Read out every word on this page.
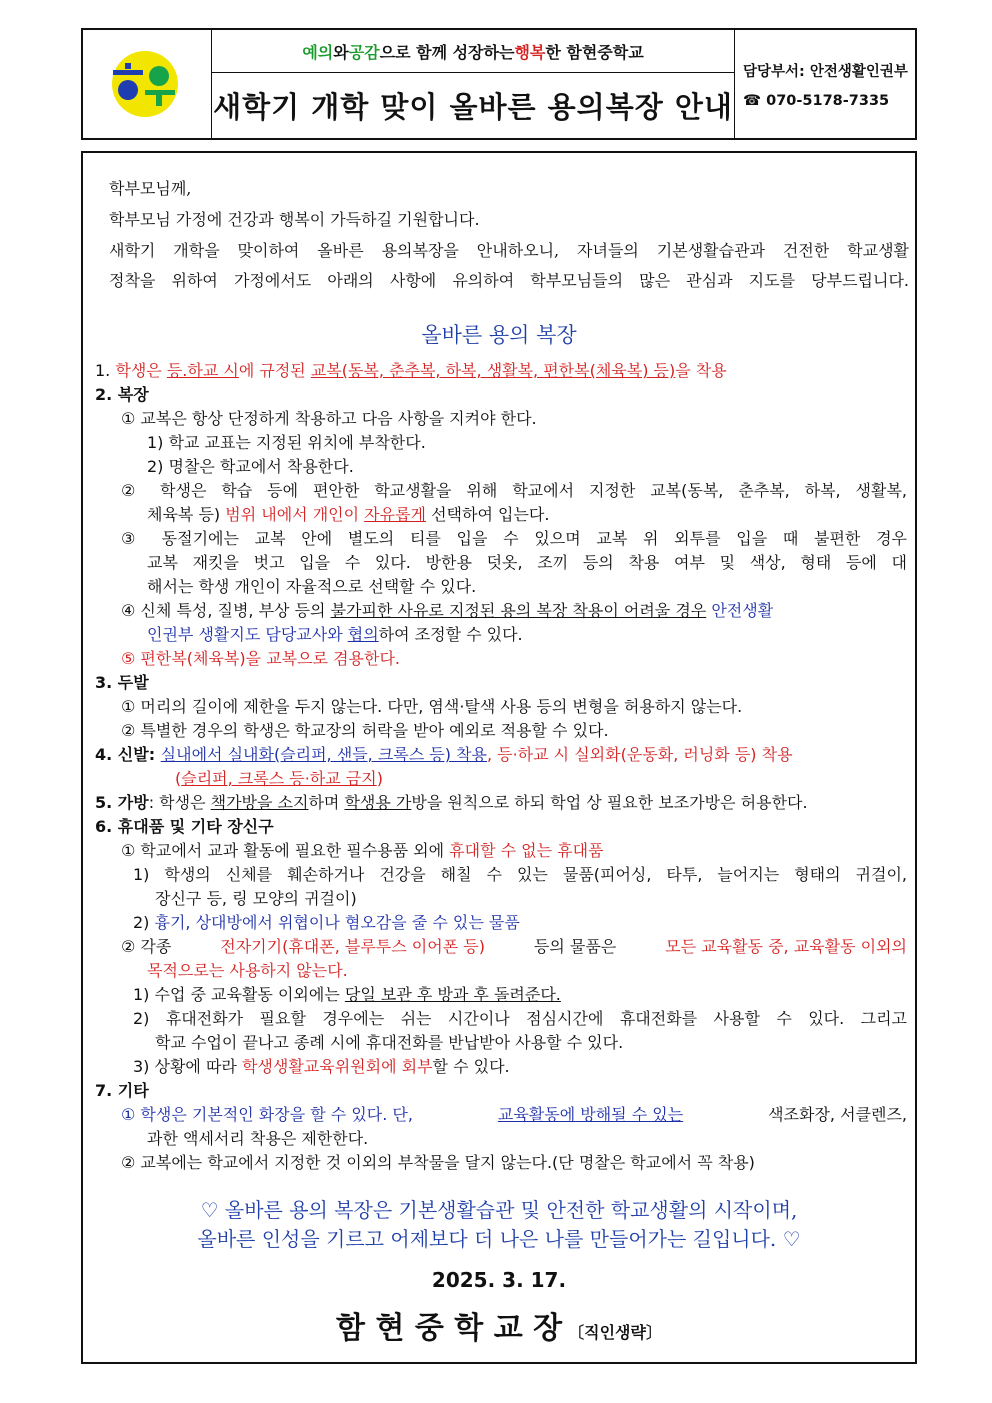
예의 와 공감 으로 함께 성장하는 행복 한 함현중학교
새학기 개학 맞이 올바른 용의복장 안내
담당부서: 안전생활인권부
☎ 070-5178-7335
학부모님께,
학부모님 가정에 건강과 행복이 가득하길 기원합니다.
새학기 개학을 맞이하여 올바른 용의복장을 안내하오니, 자녀들의 기본생활습관과 건전한 학교생활
정착을 위하여 가정에서도 아래의 사항에 유의하여 학부모님들의 많은 관심과 지도를 당부드립니다.
올바른 용의 복장
1. 학생은 등.하교 시에 규정된 교복(동복, 춘추복, 하복, 생활복, 편한복(체육복) 등)을 착용
2. 복장
① 교복은 항상 단정하게 착용하고 다음 사항을 지켜야 한다.
1) 학교 교표는 지정된 위치에 부착한다.
2) 명찰은 학교에서 착용한다.
② 학생은 학습 등에 편안한 학교생활을 위해 학교에서 지정한 교복(동복, 춘추복, 하복, 생활복,
체육복 등) 범위 내에서 개인이 자유롭게 선택하여 입는다.
③ 동절기에는 교복 안에 별도의 티를 입을 수 있으며 교복 위 외투를 입을 때 불편한 경우
교복 재킷을 벗고 입을 수 있다. 방한용 덧옷, 조끼 등의 착용 여부 및 색상, 형태 등에 대
해서는 학생 개인이 자율적으로 선택할 수 있다.
④ 신체 특성, 질병, 부상 등의 불가피한 사유로 지정된 용의 복장 착용이 어려울 경우 안전생활
인권부 생활지도 담당교사와 협의하여 조정할 수 있다.
⑤ 편한복(체육복)을 교복으로 겸용한다.
3. 두발
① 머리의 길이에 제한을 두지 않는다. 다만, 염색·탈색 사용 등의 변형을 허용하지 않는다.
② 특별한 경우의 학생은 학교장의 허락을 받아 예외로 적용할 수 있다.
4. 신발: 실내에서 실내화(슬리퍼, 샌들, 크록스 등) 착용, 등·하교 시 실외화(운동화, 러닝화 등) 착용
(슬리퍼, 크록스 등·하교 금지)
5. 가방: 학생은 책가방을 소지하며 학생용 가방을 원칙으로 하되 학업 상 필요한 보조가방은 허용한다.
6. 휴대품 및 기타 장신구
① 학교에서 교과 활동에 필요한 필수용품 외에 휴대할 수 없는 휴대품
1) 학생의 신체를 훼손하거나 건강을 해칠 수 있는 물품(피어싱, 타투, 늘어지는 형태의 귀걸이,
장신구 등, 링 모양의 귀걸이)
2) 흉기, 상대방에서 위협이나 혐오감을 줄 수 있는 물품
② 각종	전자기기(휴대폰, 블루투스 이어폰 등)	등의 물품은	모든 교육활동 중, 교육활동 이외의
목적으로는 사용하지 않는다.
1) 수업 중 교육활동 이외에는 당일 보관 후 방과 후 돌려준다.
2) 휴대전화가 필요할 경우에는 쉬는 시간이나 점심시간에 휴대전화를 사용할 수 있다. 그리고
학교 수업이 끝나고 종례 시에 휴대전화를 반납받아 사용할 수 있다.
3) 상황에 따라 학생생활교육위원회에 회부할 수 있다.
7. 기타
① 학생은 기본적인 화장을 할 수 있다. 단,	교육활동에 방해될 수 있는	색조화장, 서클렌즈,
과한 액세서리 착용은 제한한다.
② 교복에는 학교에서 지정한 것 이외의 부착물을 달지 않는다.(단 명찰은 학교에서 꼭 착용)
♡ 올바른 용의 복장은 기본생활습관 및 안전한 학교생활의 시작이며,
올바른 인성을 기르고 어제보다 더 나은 나를 만들어가는 길입니다. ♡
2025. 3. 17.
함 현 중 학 교 장 〔직인생략〕
